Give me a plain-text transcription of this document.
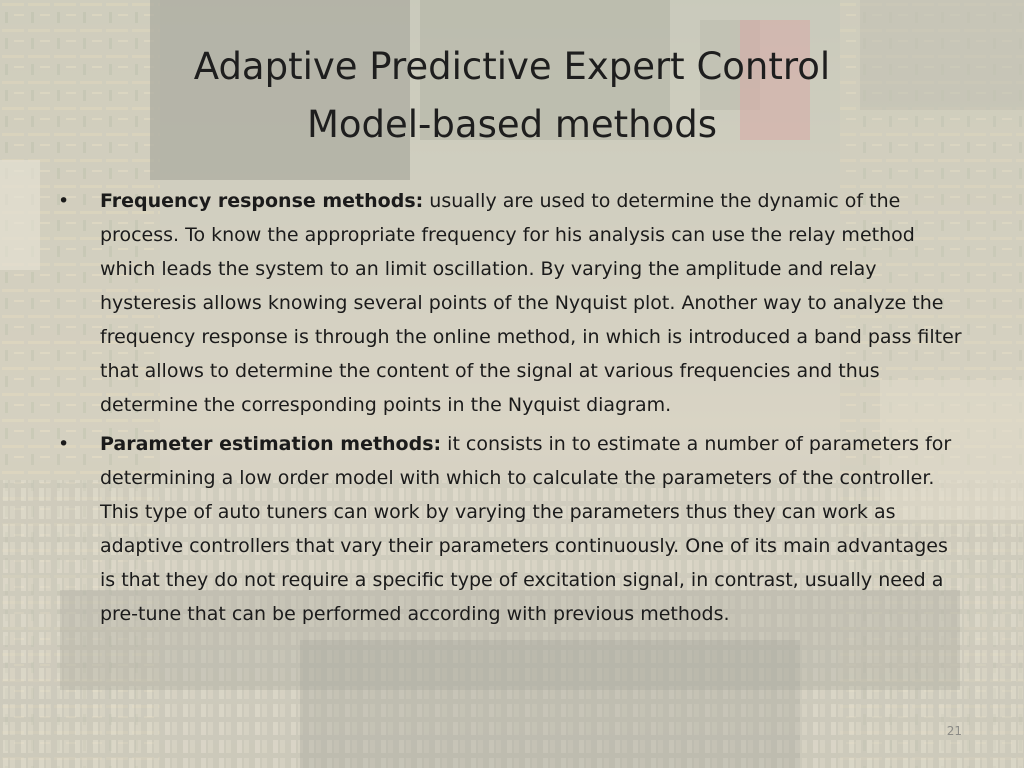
Adaptive Predictive Expert Control
Model-based methods
•	Frequency response methods: usually are used to determine the dynamic of the process. To know the appropriate frequency for his analysis can use the relay method which leads the system to an limit oscillation. By varying the amplitude and relay hysteresis allows knowing several points of the Nyquist plot. Another way to analyze the frequency response is through the online method, in which is introduced a band pass filter that allows to determine the content of the signal at various frequencies and thus determine the corresponding points in the Nyquist diagram.
•	Parameter estimation methods: it consists in to estimate a number of parameters for determining a low order model with which to calculate the parameters of the controller. This type of auto tuners can work by varying the parameters thus they can work as adaptive controllers that vary their parameters continuously. One of its main advantages is that they do not require a specific type of excitation signal, in contrast, usually need a pre-tune that can be performed according with previous methods.
21
